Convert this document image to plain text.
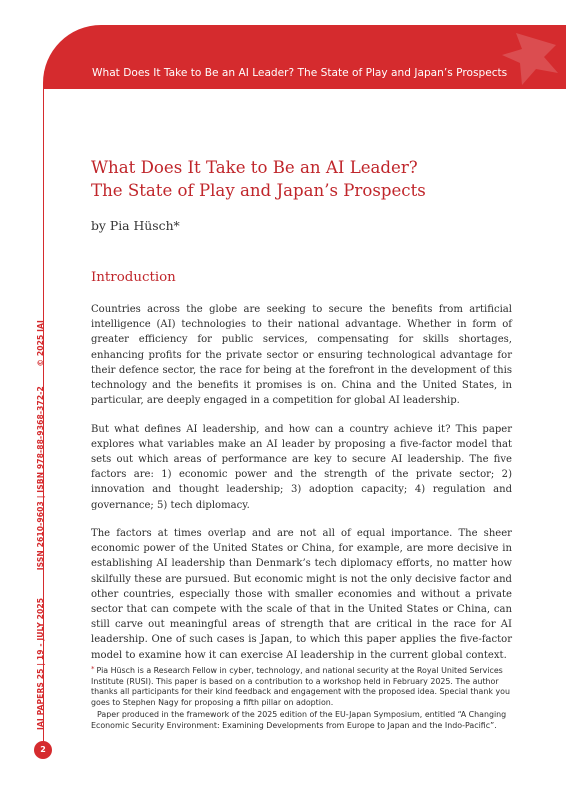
What Does It Take to Be an AI Leader? The State of Play and Japan’s Prospects
IAI PAPERS 25 | 19 - JULY 2025  ISSN 2610-9603 | ISBN 978-88-9368-372-2  © 2025 IAI
2
What Does It Take to Be an AI Leader?
The State of Play and Japan’s Prospects
by Pia Hüsch*
Introduction

Countries across the globe are seeking to secure the benefits from artificial intelligence (AI) technologies to their national advantage. Whether in form of greater efficiency for public services, compensating for skills shortages, enhancing profits for the private sector or ensuring technological advantage for their defence sector, the race for being at the forefront in the development of this technology and the benefits it promises is on. China and the United States, in particular, are deeply engaged in a competition for global AI leadership.

But what defines AI leadership, and how can a country achieve it? This paper explores what variables make an AI leader by proposing a five-factor model that sets out which areas of performance are key to secure AI leadership. The five factors are: 1) economic power and the strength of the private sector; 2) innovation and thought leadership; 3) adoption capacity; 4) regulation and governance; 5) tech diplomacy.

The factors at times overlap and are not all of equal importance. The sheer economic power of the United States or China, for example, are more decisive in establishing AI leadership than Denmark’s tech diplomacy efforts, no matter how skilfully these are pursued. But economic might is not the only decisive factor and other countries, especially those with smaller economies and without a private sector that can compete with the scale of that in the United States or China, can still carve out meaningful areas of strength that are critical in the race for AI leadership. One of such cases is Japan, to which this paper applies the five-factor model to examine how it can exercise AI leadership in the current global context.

* Pia Hüsch is a Research Fellow in cyber, technology, and national security at the Royal United Services Institute (RUSI). This paper is based on a contribution to a workshop held in February 2025. The author thanks all participants for their kind feedback and engagement with the proposed idea. Special thank you goes to Stephen Nagy for proposing a fifth pillar on adoption.

Paper produced in the framework of the 2025 edition of the EU-Japan Symposium, entitled “A Changing Economic Security Environment: Examining Developments from Europe to Japan and the Indo-Pacific”.
